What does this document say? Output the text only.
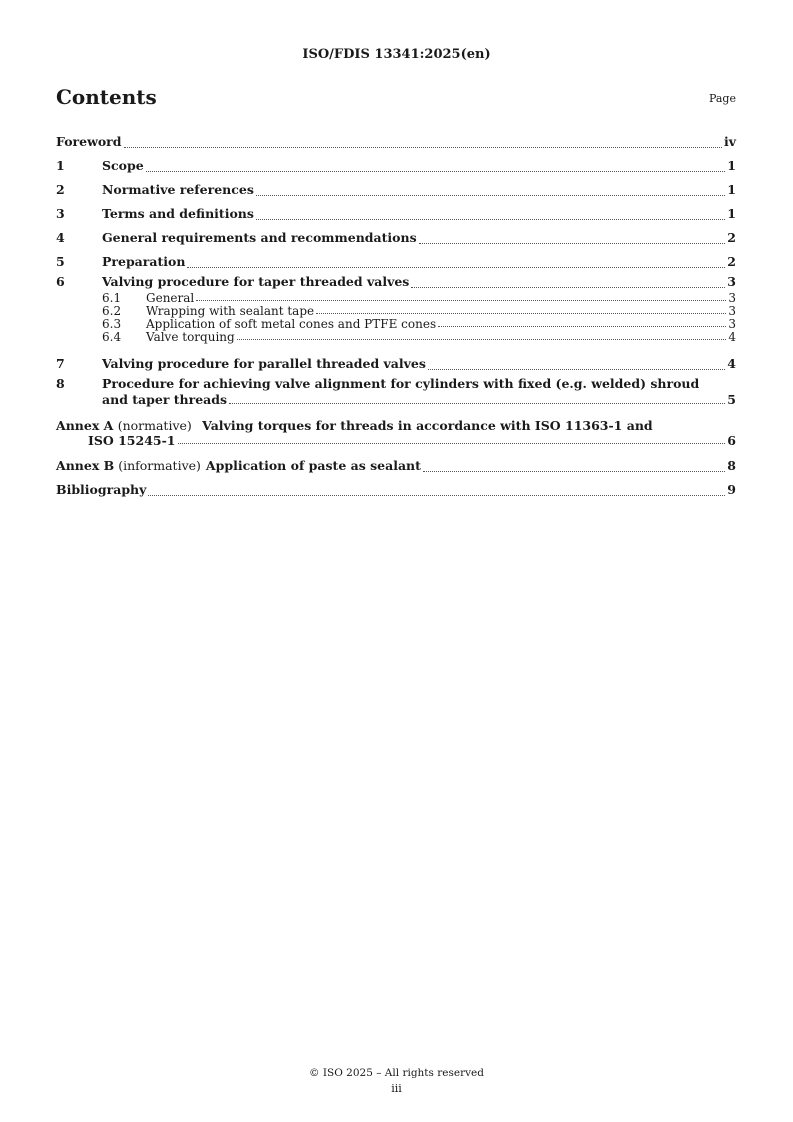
ISO/FDIS 13341:2025(en)
Contents	Page
Foreword	iv
1	Scope	1
2	Normative references	1
3	Terms and definitions	1
4	General requirements and recommendations	2
5	Preparation	2
6	Valving procedure for taper threaded valves	3
6.1	General	3
6.2	Wrapping with sealant tape	3
6.3	Application of soft metal cones and PTFE cones	3
6.4	Valve torquing	4
7	Valving procedure for parallel threaded valves	4
8	Procedure for achieving valve alignment for cylinders with fixed (e.g. welded) shroud
and taper threads	5
Annex A (normative) Valving torques for threads in accordance with ISO 11363-1 and
ISO 15245-1	6
Annex B (informative) Application of paste as sealant	8
Bibliography	9
© ISO 2025 – All rights reserved
iii
